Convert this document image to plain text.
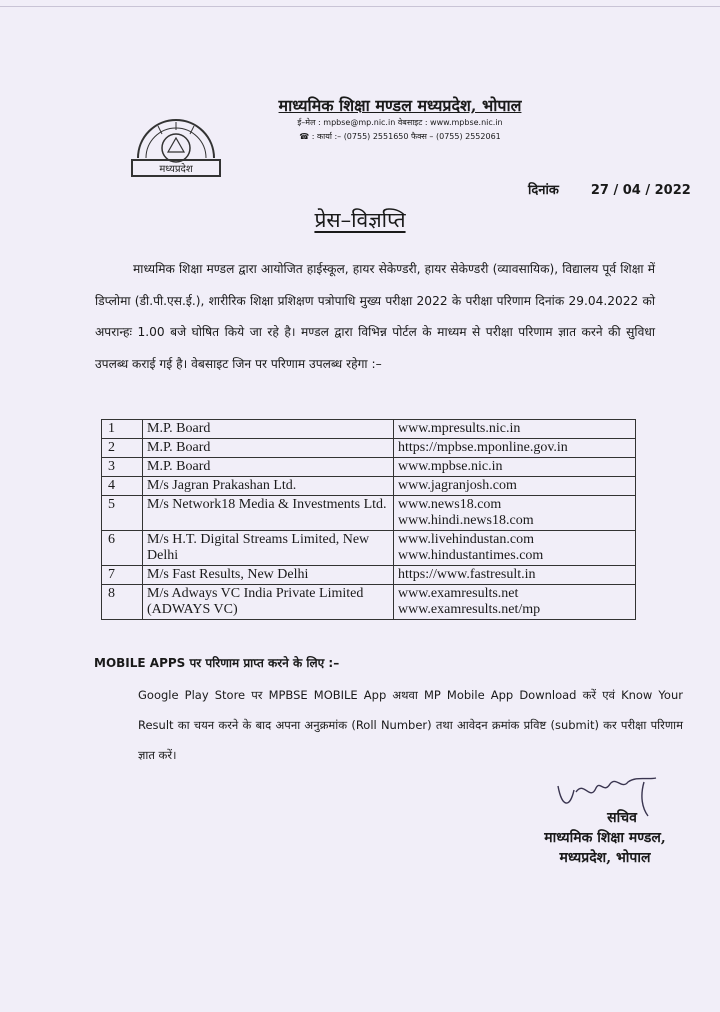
मध्यप्रदेश
माध्यमिक शिक्षा मण्डल मध्यप्रदेश, भोपाल
ई–मेल : mpbse@mp.nic.in वेबसाइट : www.mpbse.nic.in
☎ : कार्या :– (0755) 2551650 फैक्स – (0755) 2552061
दिनांक 27 / 04 / 2022
प्रेस–विज्ञप्ति
माध्यमिक शिक्षा मण्डल द्वारा आयोजित हाईस्कूल, हायर सेकेण्डरी, हायर सेकेण्डरी (व्यावसायिक), विद्यालय पूर्व शिक्षा में डिप्लोमा (डी.पी.एस.ई.), शारीरिक शिक्षा प्रशिक्षण पत्रोपाधि मुख्य परीक्षा 2022 के परीक्षा परिणाम दिनांक 29.04.2022 को अपरान्हः 1.00 बजे घोषित किये जा रहे है। मण्डल द्वारा विभिन्न पोर्टल के माध्यम से परीक्षा परिणाम ज्ञात करने की सुविधा उपलब्ध कराई गई है। वेबसाइट जिन पर परिणाम उपलब्ध रहेगा :–
1	M.P. Board	www.mpresults.nic.in

2	M.P. Board	https://mpbse.mponline.gov.in

3	M.P. Board	www.mpbse.nic.in

4	M/s Jagran Prakashan Ltd.	www.jagranjosh.com

5	M/s Network18 Media & Investments Ltd.	www.news18.com
www.hindi.news18.com

6	M/s H.T. Digital Streams Limited, New Delhi	www.livehindustan.com
www.hindustantimes.com

7	M/s Fast Results, New Delhi	https://www.fastresult.in

8	M/s Adways VC India Private Limited (ADWAYS VC)	www.examresults.net
www.examresults.net/mp
MOBILE APPS पर परिणाम प्राप्त करने के लिए :–
Google Play Store पर MPBSE MOBILE App अथवा MP Mobile App Download करें एवं Know Your Result का चयन करने के बाद अपना अनुक्रमांक (Roll Number) तथा आवेदन क्रमांक प्रविष्ट (submit) कर परीक्षा परिणाम ज्ञात करें।
सचिव
माध्यमिक शिक्षा मण्डल,
मध्यप्रदेश, भोपाल
